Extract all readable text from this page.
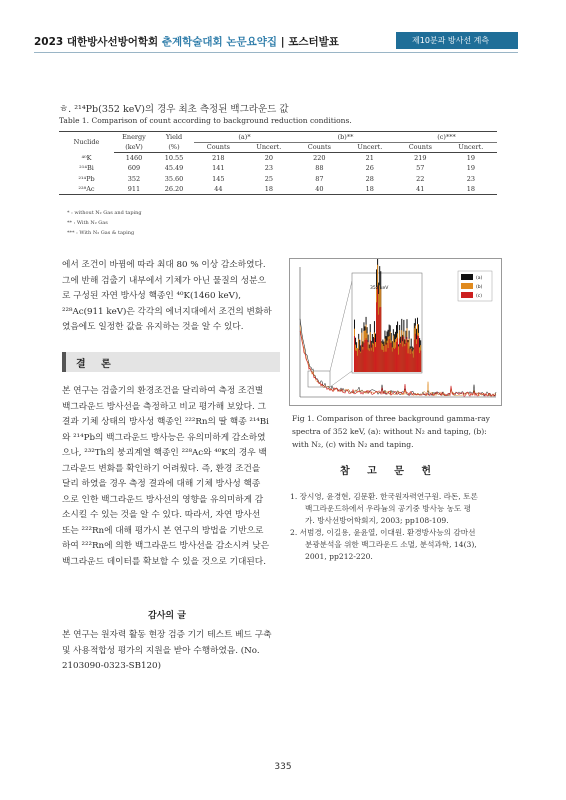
2023 대한방사선방어학회 춘계학술대회 논문요약집 | 포스터발표	제10분과 방사선 계측
ㅎ. ²¹⁴Pb(352 keV)의 경우 최초 측정된 백그라운드 값
Table 1. Comparison of count according to background reduction conditions.
Nuclide	Energy	Yield	(a)*		(b)**		(c)***	
	(keV)	(%)	Counts	Uncert.	Counts	Uncert.	Counts	Uncert.
⁴⁰K	1460	10.55	218	20	220	21	219	19
²¹⁴Bi	609	45.49	141	23	88	26	57	19
²¹⁴Pb	352	35.60	145	25	87	28	22	23
²²⁸Ac	911	26.20	44	18	40	18	41	18
* : without N₂ Gas and taping
** : With N₂ Gas
*** : With N₂ Gas & taping
에서 조건이 바뀜에 따라 최대 80 % 이상 감소하였다.
그에 반해 검출기 내부에서 기체가 아닌 물질의 성분으
로 구성된 자연 방사성 핵종인 ⁴⁰K(1460 keV),
²²⁸Ac(911 keV)은 각각의 에너지대에서 조건의 변화하
였음에도 일정한 값을 유지하는 것을 알 수 있다.
결 론
본 연구는 검출기의 환경조건을 달리하여 측정 조건별
백그라운드 방사선을 측정하고 비교 평가해 보았다. 그
결과 기체 상태의 방사성 핵종인 ²²²Rn의 딸 핵종 ²¹⁴Bi
와 ²¹⁴Pb의 백그라운드 방사능은 유의미하게 감소하였
으나, ²³²Th의 붕괴계열 핵종인 ²²⁸Ac와 ⁴⁰K의 경우 백
그라운드 변화를 확인하기 어려웠다. 즉, 환경 조건을
달리 하였을 경우 측정 결과에 대해 기체 방사성 핵종
으로 인한 백그라운드 방사선의 영향을 유의미하게 감
소시킬 수 있는 것을 알 수 있다. 따라서, 자연 방사선
또는 ²²²Rn에 대해 평가시 본 연구의 방법을 기반으로
하여 ²²²Rn에 의한 백그라운드 방사선을 감소시켜 낮은
백그라운드 데이터를 확보할 수 있을 것으로 기대된다.
감사의 글
본 연구는 원자력 활동 현장 검증 기기 테스트 베드 구축
및 사용적합성 평가의 지원을 받아 수행하였음. (No.
2103090-0323-SB120)
352 keV
(a)
(b)
(c)
Fig 1. Comparison of three background gamma-ray
spectra of 352 keV, (a): without N₂ and taping, (b):
with N₂, (c) with N₂ and taping.
참 고 문 헌
1. 장시영, 윤경현, 김문환. 한국원자력연구원. 라돈, 토론
백그라운드하에서 우라늄의 공기중 방사능 농도 평
가. 방사선방어학회지, 2003; pp108-109.
2. 서범경, 이길용, 윤윤열, 이대원. 환경방사능의 감마선
분광분석을 위한 백그라운드 소멸, 분석과학, 14(3),
2001, pp212-220.
335
